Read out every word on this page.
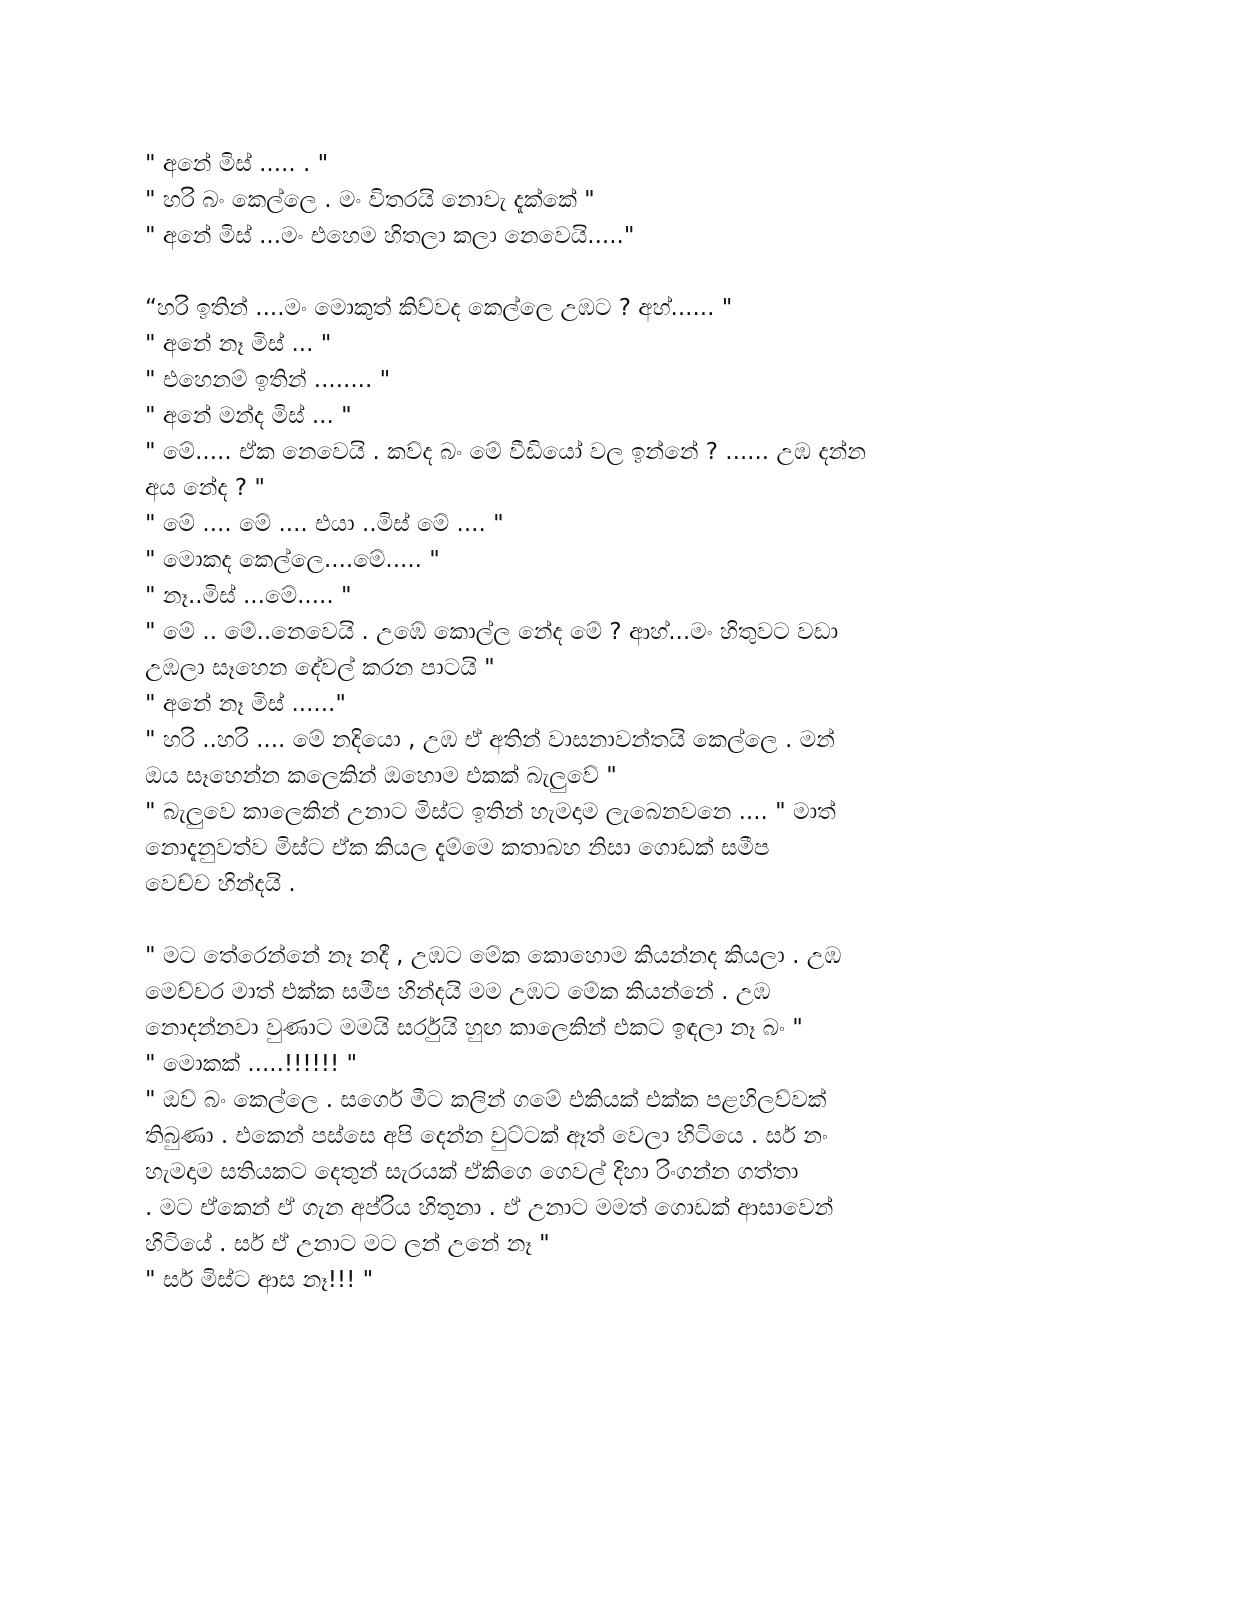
" අනේ මිස් ..... . "

" හරි බං කෙල්ලෙ . මං විතරයි නොවැ දැක්කේ "

" අනේ මිස් ...මං එහෙම හිතලා කලා නෙවෙයි....."

“හරි ඉතින් ....මං මොකුත් කිව්වද කෙල්ලෙ උඹට ? අහ්...... "

" අනේ නෑ මිස් ... "

" එහෙනම් ඉතින් ........ "

" අනේ මන්ද මිස් ... "

" මේ..... ඒක නෙවෙයි . කව්ද බං මේ වීඩියෝ වල ඉන්නේ ? ...... උඹ දන්න
අය නේද ? "

" මේ .... මේ .... එයා ..මිස් මේ .... "

" මොකද කෙල්ලෙ....මේ..... "

" නෑ..මිස් ...මේ..... "

" මේ .. මේ..නෙවෙයි . උඹේ කොල්ල නේද මේ ? ආහ්...මං හිතුවට වඩා
උඹලා සෑහෙන දේවල් කරන පාටයි "

" අනේ නෑ මිස් ......"

" හරි ..හරි .... මේ නදියො , උඹ ඒ අතින් වාසනාවන්තයි කෙල්ලෙ . මන්
ඔය සෑහෙන්න කලෙකින් ඔහොම එකක් බැලුවේ "

" බැලුවෙ කාලෙකින් උනාට මිස්ට ඉතින් හැමදාම ලැබෙනවනෙ .... " මාත්
නොදැනුවත්ව මිස්ට ඒක කියල දැම්මෙ කතාබහ නිසා ගොඩක් සමීප
වෙච්ච හින්දයි .

" මට තේරෙන්නේ නෑ නදී , උඹට මේක කොහොම කියන්නද කියලා . උඹ
මෙච්චර මාත් එක්ක සමීප හින්දයි මම උඹට මේක කියන්නේ . උඹ
නොදන්නවා වුණාට මමයි සර්රුයි හුඟ කාලෙකින් එකට ඉඳලා නෑ බං "

" මොකක් .....!!!!!! "

" ඔව් බං කෙල්ලෙ . සර්ගෙ මීට කලින් ගමේ එකියක් එක්ක පළහිලව්වක්
තිබුණා . එකෙන් පස්සෙ අපි දෙන්න චුට්ටක් ඈත් වෙලා හිටියෙ . සර් නං
හැමදාම සතියකට දෙතුන් සැරයක් ඒකිගෙ ගෙවල් දිහා රිංගන්න ගත්තා
. මට ඒකෙන් ඒ ගැන අප්රිය හිතුනා . ඒ උනාට මමත් ගොඩක් ආසාවෙන්
හිටියේ . සර් ඒ උනාට මට ලන් උනේ නෑ "

" සර් මිස්ට ආස නෑ!!! "
